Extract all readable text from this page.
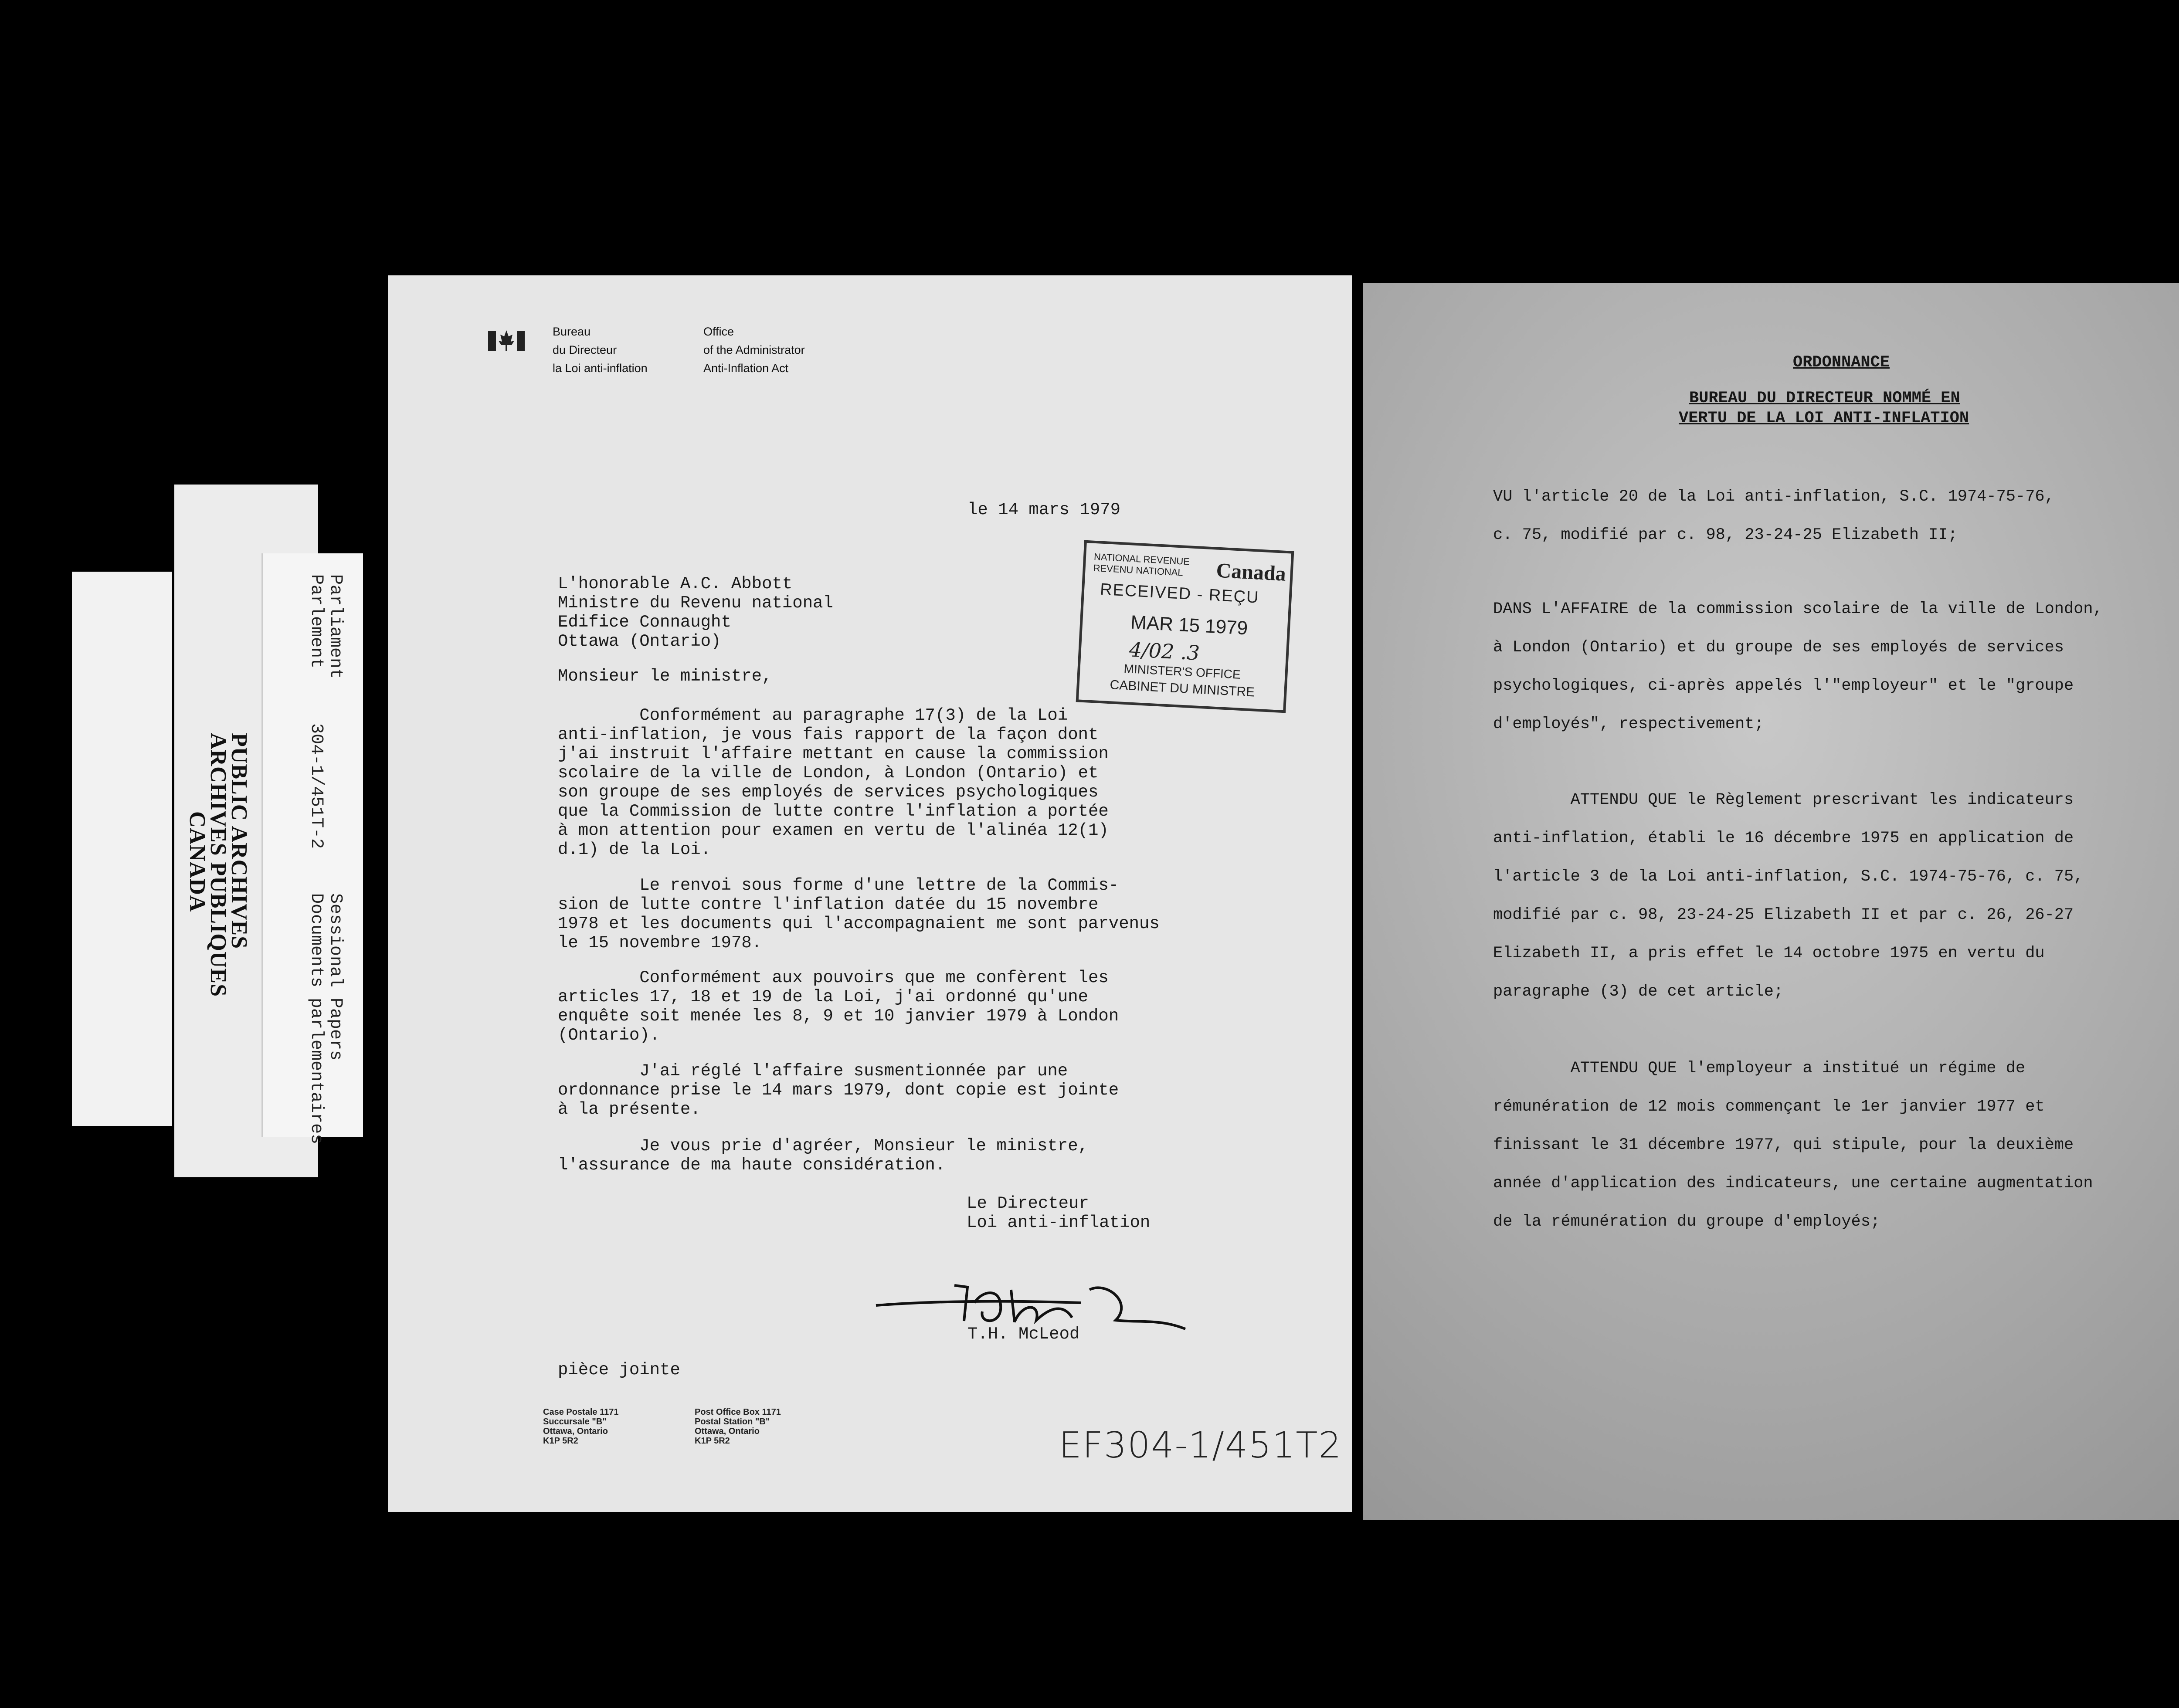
Parliament
Parlement
304-1/451T-2
Sessional Papers
Documents parlementaires
PUBLIC ARCHIVES
ARCHIVES PUBLIQUES
CANADA
Bureau
du Directeur
la Loi anti-inflation
Office
of the Administrator
Anti-Inflation Act
le 14 mars 1979
NATIONAL REVENUE
REVENU NATIONAL Canada
RECEIVED - REÇU
MAR 15 1979
4/02 .3
MINISTER'S OFFICE
CABINET DU MINISTRE
L'honorable A.C. Abbott
Ministre du Revenu national
Edifice Connaught
Ottawa (Ontario)
Monsieur le ministre,
Conformément au paragraphe 17(3) de la Loi
anti-inflation, je vous fais rapport de la façon dont
j'ai instruit l'affaire mettant en cause la commission
scolaire de la ville de London, à London (Ontario) et
son groupe de ses employés de services psychologiques
que la Commission de lutte contre l'inflation a portée
à mon attention pour examen en vertu de l'alinéa 12(1)
d.1) de la Loi.
Le renvoi sous forme d'une lettre de la Commis-
sion de lutte contre l'inflation datée du 15 novembre
1978 et les documents qui l'accompagnaient me sont parvenus
le 15 novembre 1978.
Conformément aux pouvoirs que me confèrent les
articles 17, 18 et 19 de la Loi, j'ai ordonné qu'une
enquête soit menée les 8, 9 et 10 janvier 1979 à London
(Ontario).
J'ai réglé l'affaire susmentionnée par une
ordonnance prise le 14 mars 1979, dont copie est jointe
à la présente.
Je vous prie d'agréer, Monsieur le ministre,
l'assurance de ma haute considération.
Le Directeur
Loi anti-inflation
T.H. McLeod
pièce jointe
Case Postale 1171
Succursale "B"
Ottawa, Ontario
K1P 5R2
Post Office Box 1171
Postal Station "B"
Ottawa, Ontario
K1P 5R2	EF304-1/451T2
ORDONNANCE
BUREAU DU DIRECTEUR NOMMÉ EN
VERTU DE LA LOI ANTI-INFLATION
VU l'article 20 de la Loi anti-inflation, S.C. 1974-75-76,
c. 75, modifié par c. 98, 23-24-25 Elizabeth II;
DANS L'AFFAIRE de la commission scolaire de la ville de London,
à London (Ontario) et du groupe de ses employés de services
psychologiques, ci-après appelés l'"employeur" et le "groupe
d'employés", respectivement;
ATTENDU QUE le Règlement prescrivant les indicateurs
anti-inflation, établi le 16 décembre 1975 en application de
l'article 3 de la Loi anti-inflation, S.C. 1974-75-76, c. 75,
modifié par c. 98, 23-24-25 Elizabeth II et par c. 26, 26-27
Elizabeth II, a pris effet le 14 octobre 1975 en vertu du
paragraphe (3) de cet article;
ATTENDU QUE l'employeur a institué un régime de
rémunération de 12 mois commençant le 1er janvier 1977 et
finissant le 31 décembre 1977, qui stipule, pour la deuxième
année d'application des indicateurs, une certaine augmentation
de la rémunération du groupe d'employés;
